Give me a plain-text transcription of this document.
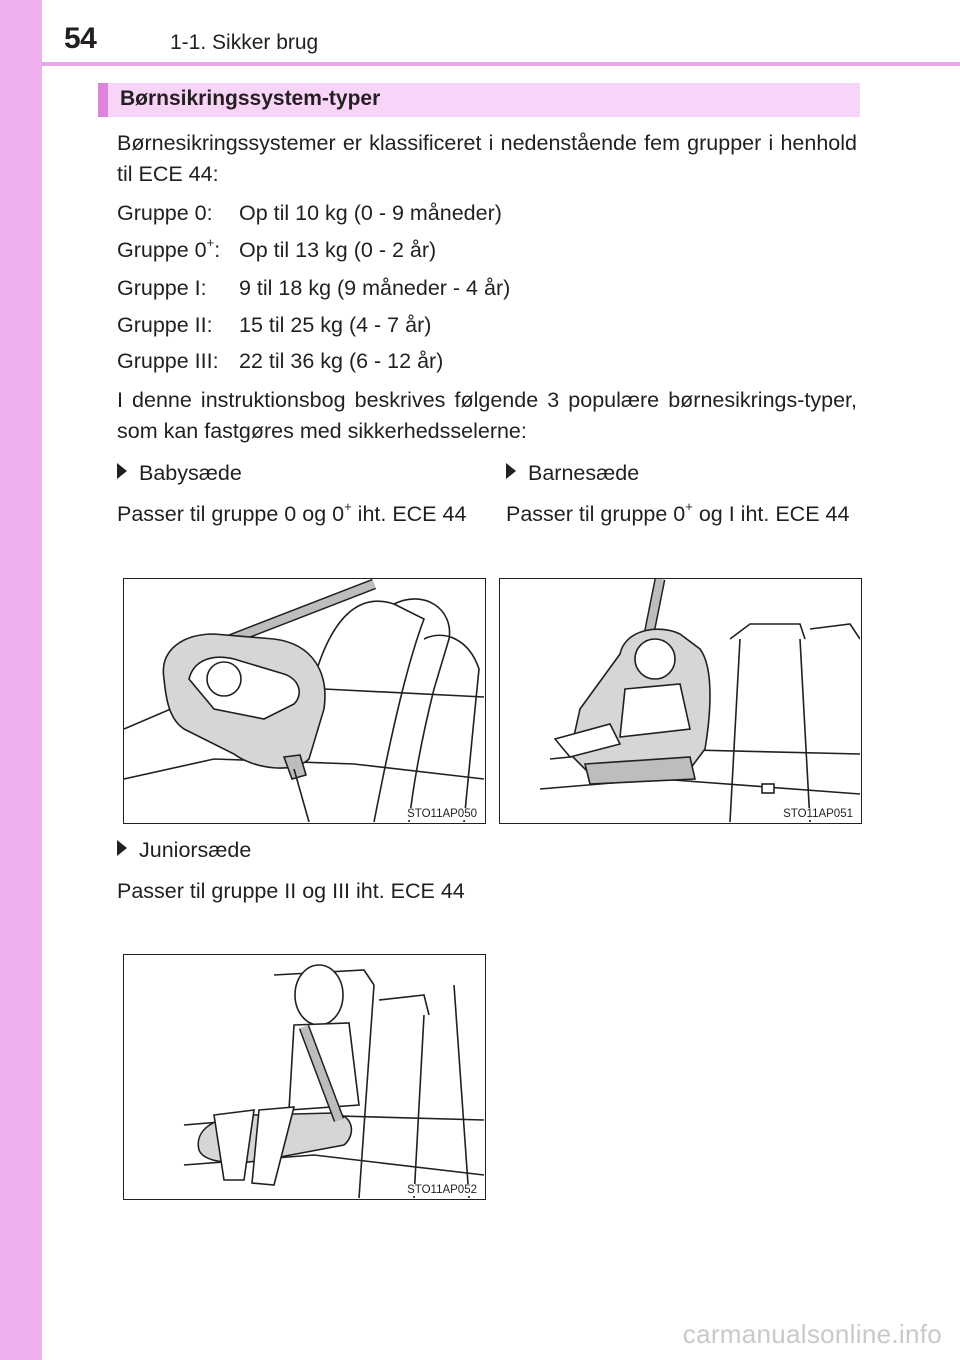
54	1-1. Sikker brug
Børnsikringssystem-typer
Børnesikringssystemer er klassificeret i nedenstående fem grupper i henhold til ECE 44:
Gruppe 0: Op til 10 kg (0 - 9 måneder)
Gruppe 0+: Op til 13 kg (0 - 2 år)
Gruppe I: 9 til 18 kg (9 måneder - 4 år)
Gruppe II: 15 til 25 kg (4 - 7 år)
Gruppe III: 22 til 36 kg (6 - 12 år)
I denne instruktionsbog beskrives følgende 3 populære børnesikrings-typer, som kan fastgøres med sikkerhedsselerne:
Babysæde
Passer til gruppe 0 og 0+ iht. ECE 44
STO11AP050
Barnesæde
Passer til gruppe 0+ og I iht. ECE 44
STO11AP051
Juniorsæde
Passer til gruppe II og III iht. ECE 44
STO11AP052
carmanualsonline.info
